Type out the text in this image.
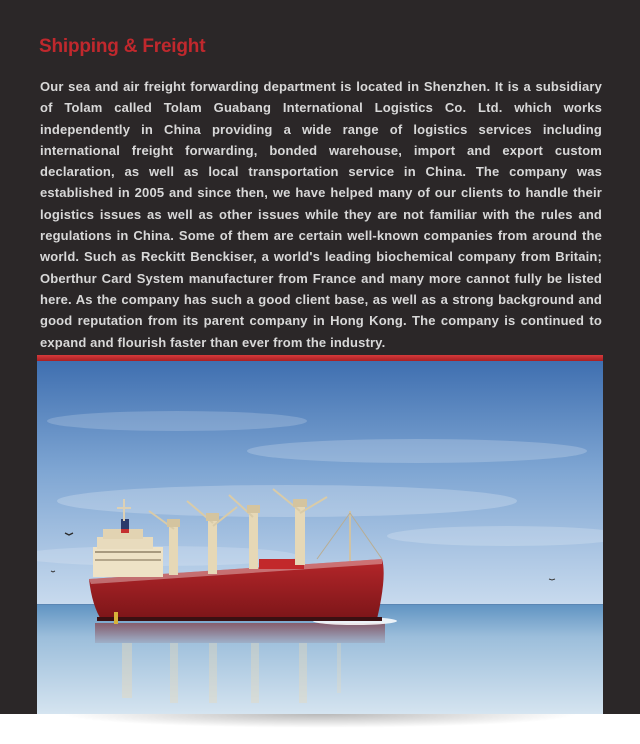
Shipping & Freight

Our sea and air freight forwarding department is located in Shenzhen. It is a subsidiary of Tolam called Tolam Guabang International Logistics Co. Ltd. which works independently in China providing a wide range of logistics services including international freight forwarding, bonded warehouse, import and export custom declaration, as well as local transportation service in China. The company was established in 2005 and since then, we have helped many of our clients to handle their logistics issues as well as other issues while they are not familiar with the rules and regulations in China. Some of them are certain well-known companies from around the world. Such as Reckitt Benckiser, a world's leading biochemical company from Britain; Oberthur Card System manufacturer from France and many more cannot fully be listed here. As the company has such a good client base, as well as a strong background and good reputation from its parent company in Hong Kong. The company is continued to expand and flourish faster than ever from the industry.
